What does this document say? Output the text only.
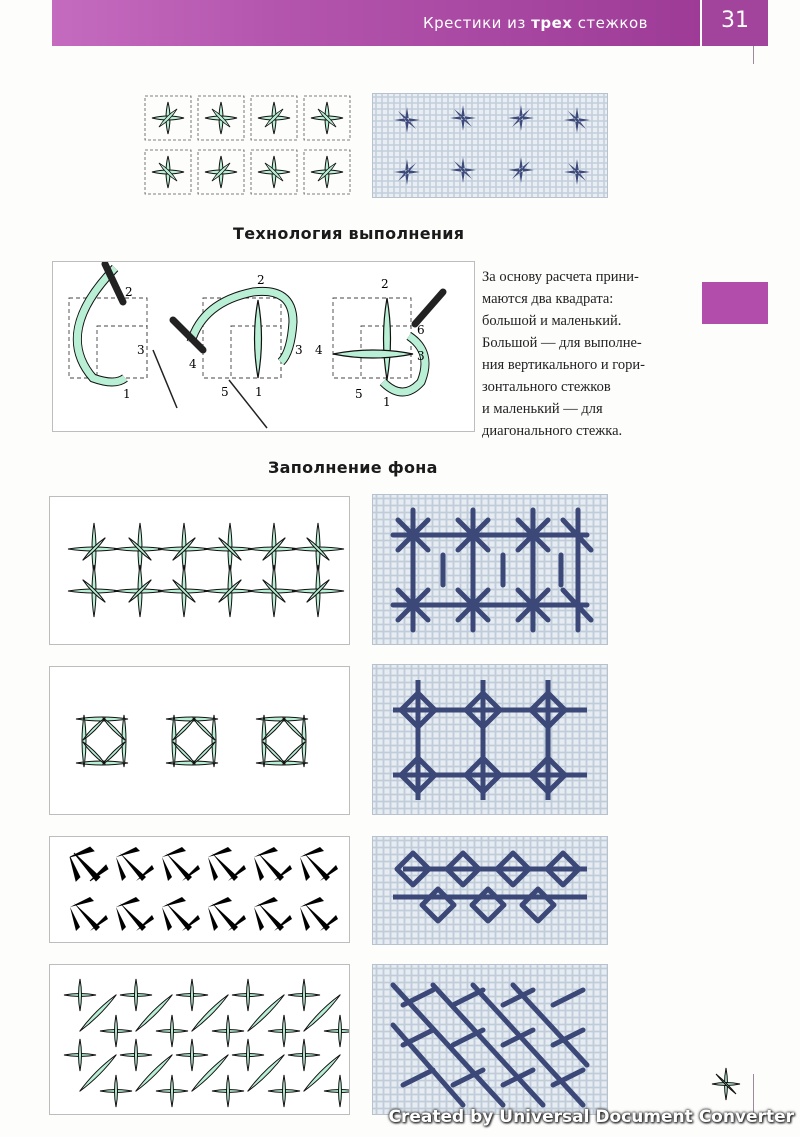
Крестики из трех стежков	31
Технология выполнения
2
3
1
2
4
3
5 1
2
6
4	3
5
1
За основу расчета прини-
маются два квадрата:
большой и маленький.
Большой — для выполне-
ния вертикального и гори-
зонтального стежков
и маленький — для
диагонального стежка.
Заполнение фона
Created by Universal Document Converter
